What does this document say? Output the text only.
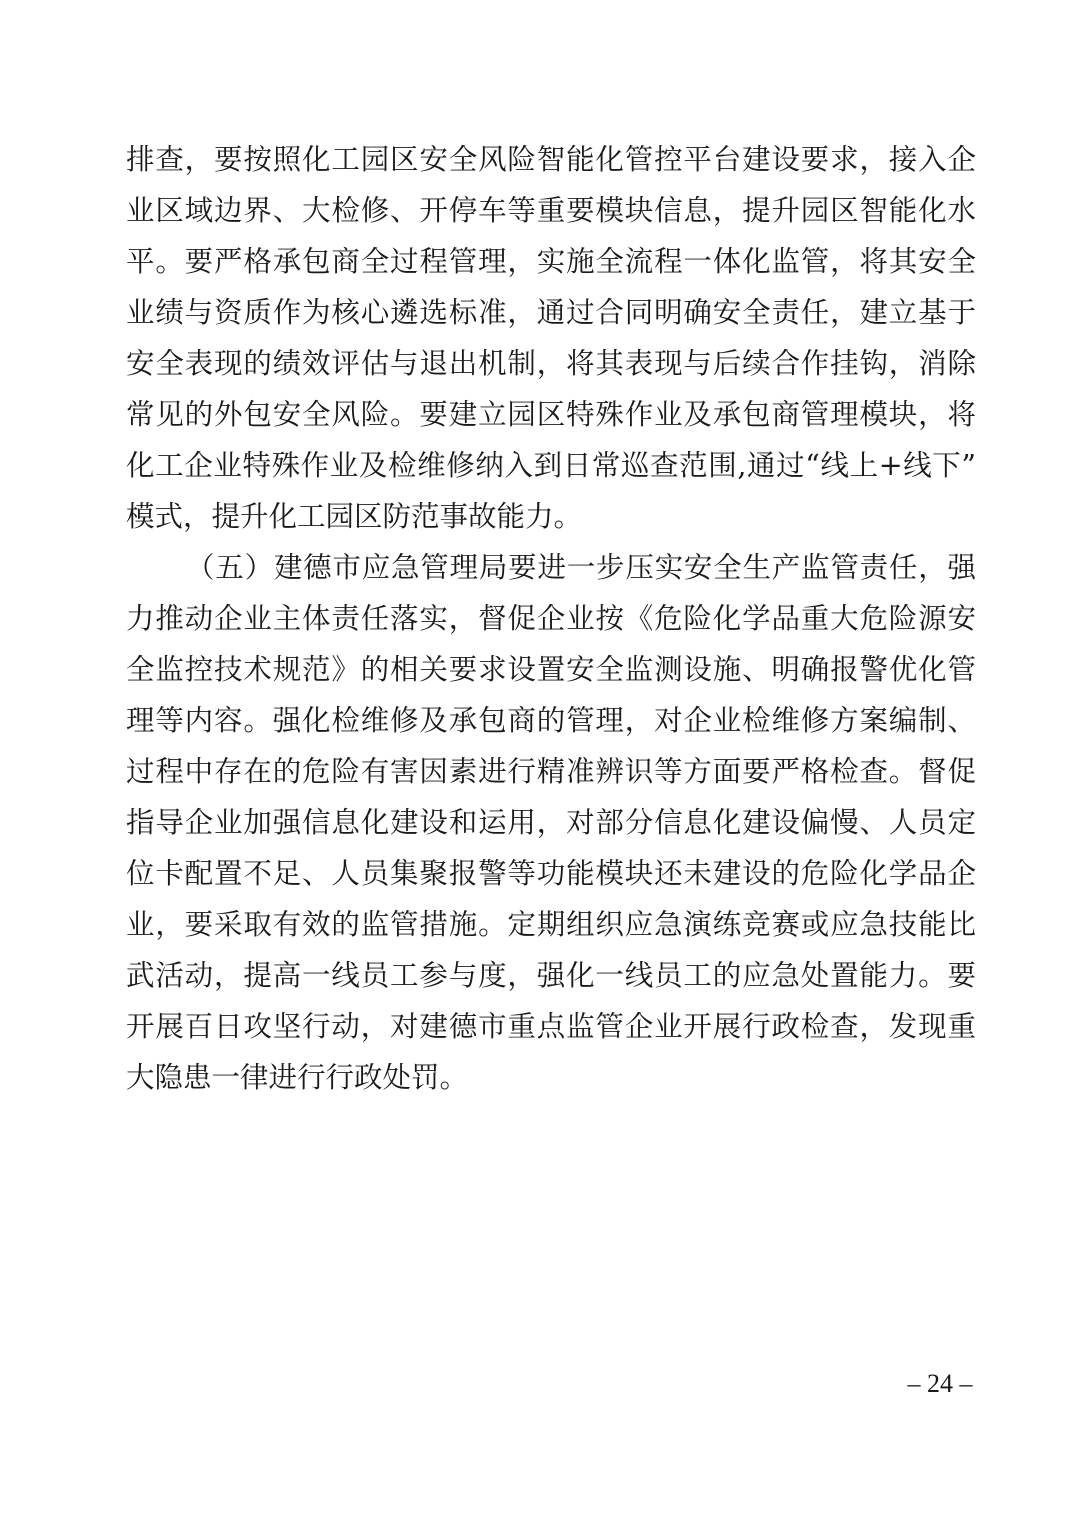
排查，要按照化工园区安全风险智能化管控平台建设要求，接入企
业区域边界、大检修、开停车等重要模块信息，提升园区智能化水
平。要严格承包商全过程管理，实施全流程一体化监管，将其安全
业绩与资质作为核心遴选标准，通过合同明确安全责任，建立基于
安全表现的绩效评估与退出机制，将其表现与后续合作挂钩，消除
常见的外包安全风险。要建立园区特殊作业及承包商管理模块，将
化工企业特殊作业及检维修纳入到日常巡查范围,通过“线上+线下”
模式，提升化工园区防范事故能力。
（五）建德市应急管理局要进一步压实安全生产监管责任，强
力推动企业主体责任落实，督促企业按《危险化学品重大危险源安
全监控技术规范》的相关要求设置安全监测设施、明确报警优化管
理等内容。强化检维修及承包商的管理，对企业检维修方案编制、
过程中存在的危险有害因素进行精准辨识等方面要严格检查。督促
指导企业加强信息化建设和运用，对部分信息化建设偏慢、人员定
位卡配置不足、人员集聚报警等功能模块还未建设的危险化学品企
业，要采取有效的监管措施。定期组织应急演练竞赛或应急技能比
武活动，提高一线员工参与度，强化一线员工的应急处置能力。要
开展百日攻坚行动，对建德市重点监管企业开展行政检查，发现重
大隐患一律进行行政处罚。
– 24 –
